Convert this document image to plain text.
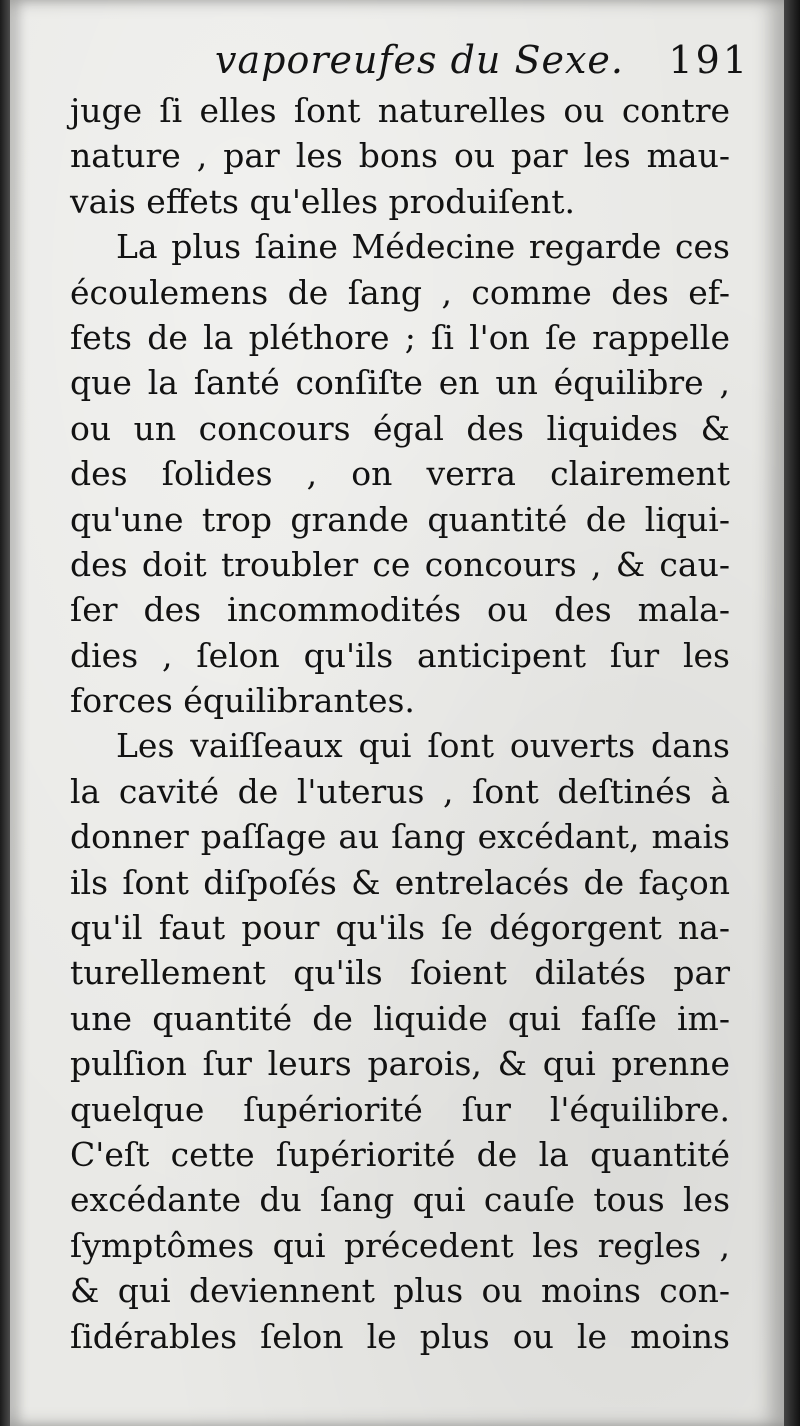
vaporeufes du Sexe. 191
juge ſi elles ſont naturelles ou contre
nature , par les bons ou par les mau-
vais effets qu'elles produiſent.
La plus ſaine Médecine regarde ces
écoulemens de ſang , comme des ef-
fets de la pléthore ; ſi l'on ſe rappelle
que la ſanté conſiſte en un équilibre ,
ou un concours égal des liquides &
des ſolides , on verra clairement
qu'une trop grande quantité de liqui-
des doit troubler ce concours , & cau-
ſer des incommodités ou des mala-
dies , ſelon qu'ils anticipent ſur les
forces équilibrantes.
Les vaiſſeaux qui ſont ouverts dans
la cavité de l'uterus , ſont deſtinés à
donner paſſage au ſang excédant, mais
ils ſont diſpoſés & entrelacés de façon
qu'il faut pour qu'ils ſe dégorgent na-
turellement qu'ils ſoient dilatés par
une quantité de liquide qui faſſe im-
pulſion ſur leurs parois, & qui prenne
quelque ſupériorité ſur l'équilibre.
C'eſt cette ſupériorité de la quantité
excédante du ſang qui cauſe tous les
ſymptômes qui précedent les regles ,
& qui deviennent plus ou moins con-
ſidérables ſelon le plus ou le moins
